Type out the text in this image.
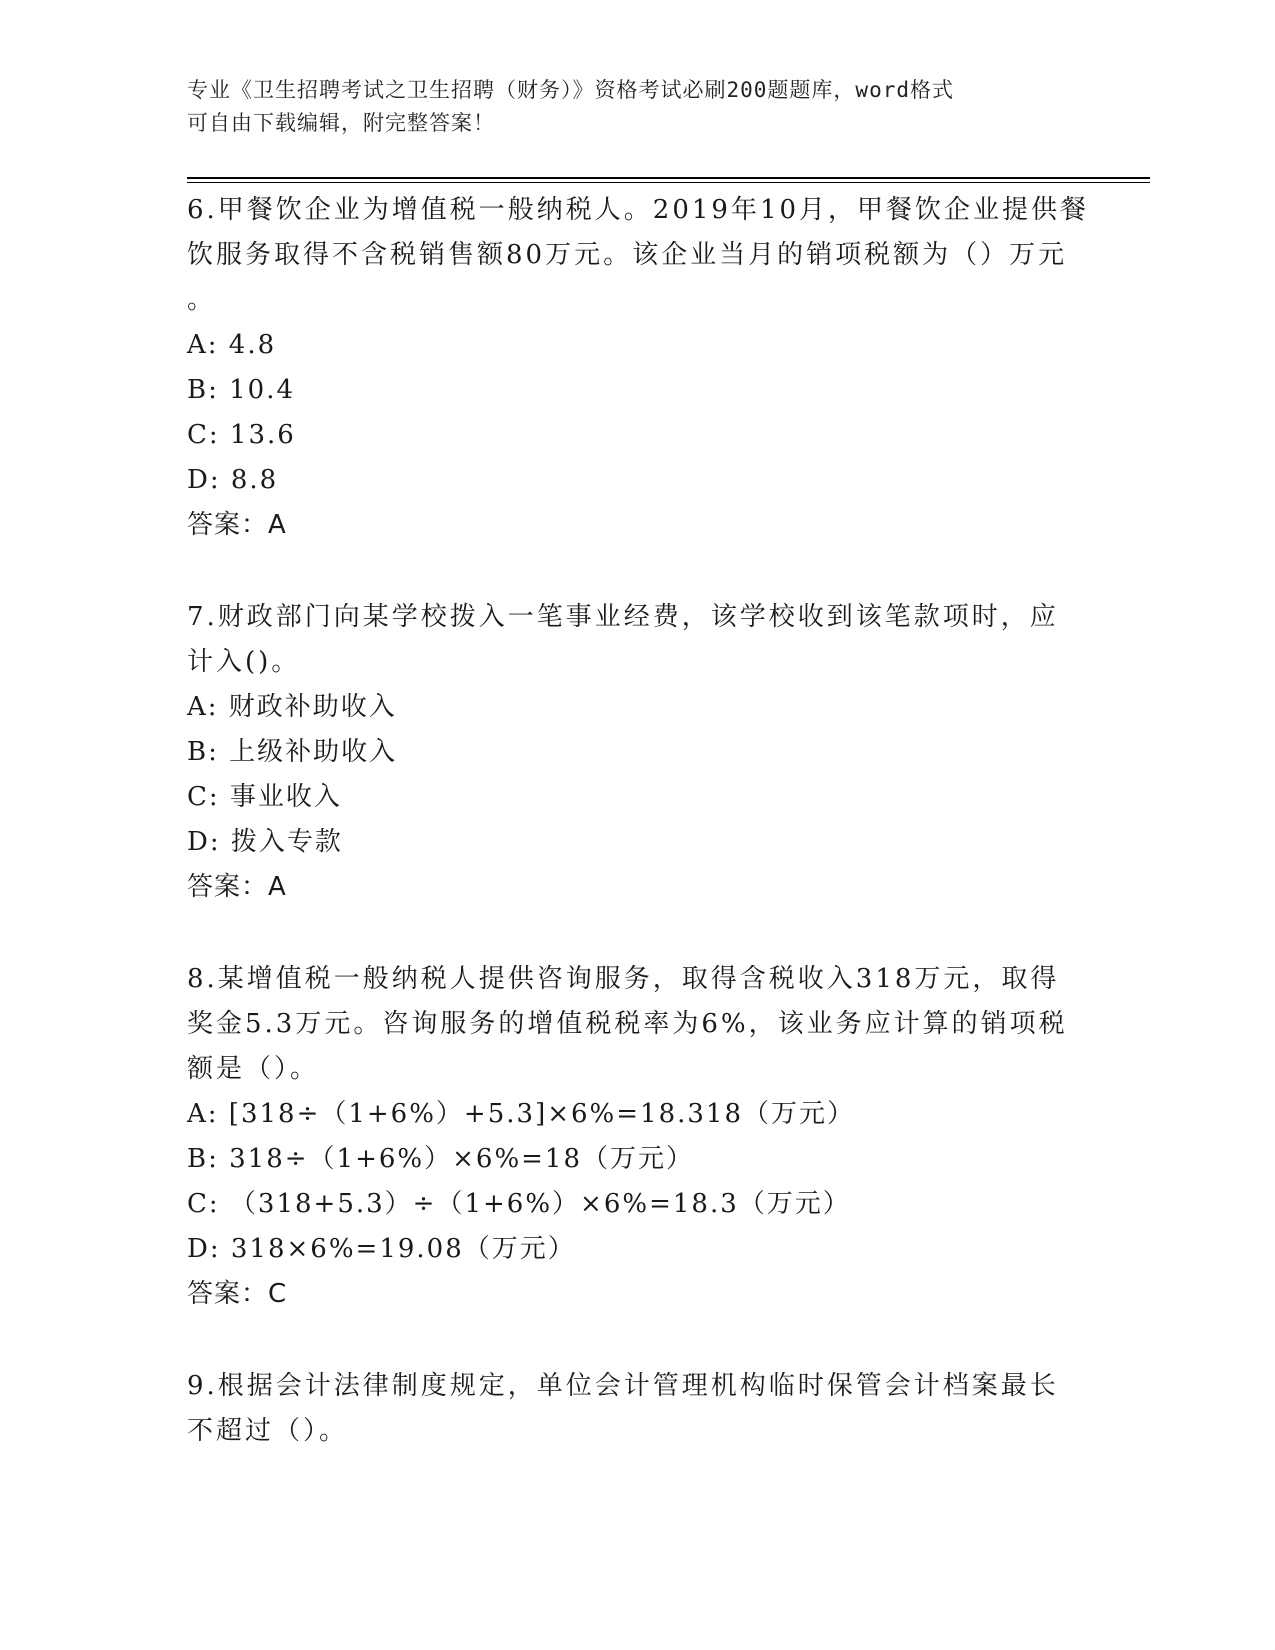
专业《卫生招聘考试之卫生招聘（财务）》资格考试必刷200题题库，word格式
可自由下载编辑，附完整答案！
6.甲餐饮企业为增值税一般纳税人。2019年10月，甲餐饮企业提供餐
饮服务取得不含税销售额80万元。该企业当月的销项税额为（）万元
。
A: 4.8
B: 10.4
C: 13.6
D: 8.8
答案：A
7.财政部门向某学校拨入一笔事业经费，该学校收到该笔款项时，应
计入()。
A: 财政补助收入
B: 上级补助收入
C: 事业收入
D: 拨入专款
答案：A
8.某增值税一般纳税人提供咨询服务，取得含税收入318万元，取得
奖金5.3万元。咨询服务的增值税税率为6%，该业务应计算的销项税
额是（）。
A: [318÷（1+6%）+5.3]×6%=18.318（万元）
B: 318÷（1+6%）×6%=18（万元）
C: （318+5.3）÷（1+6%）×6%=18.3（万元）
D: 318×6%=19.08（万元）
答案：C
9.根据会计法律制度规定，单位会计管理机构临时保管会计档案最长
不超过（）。
